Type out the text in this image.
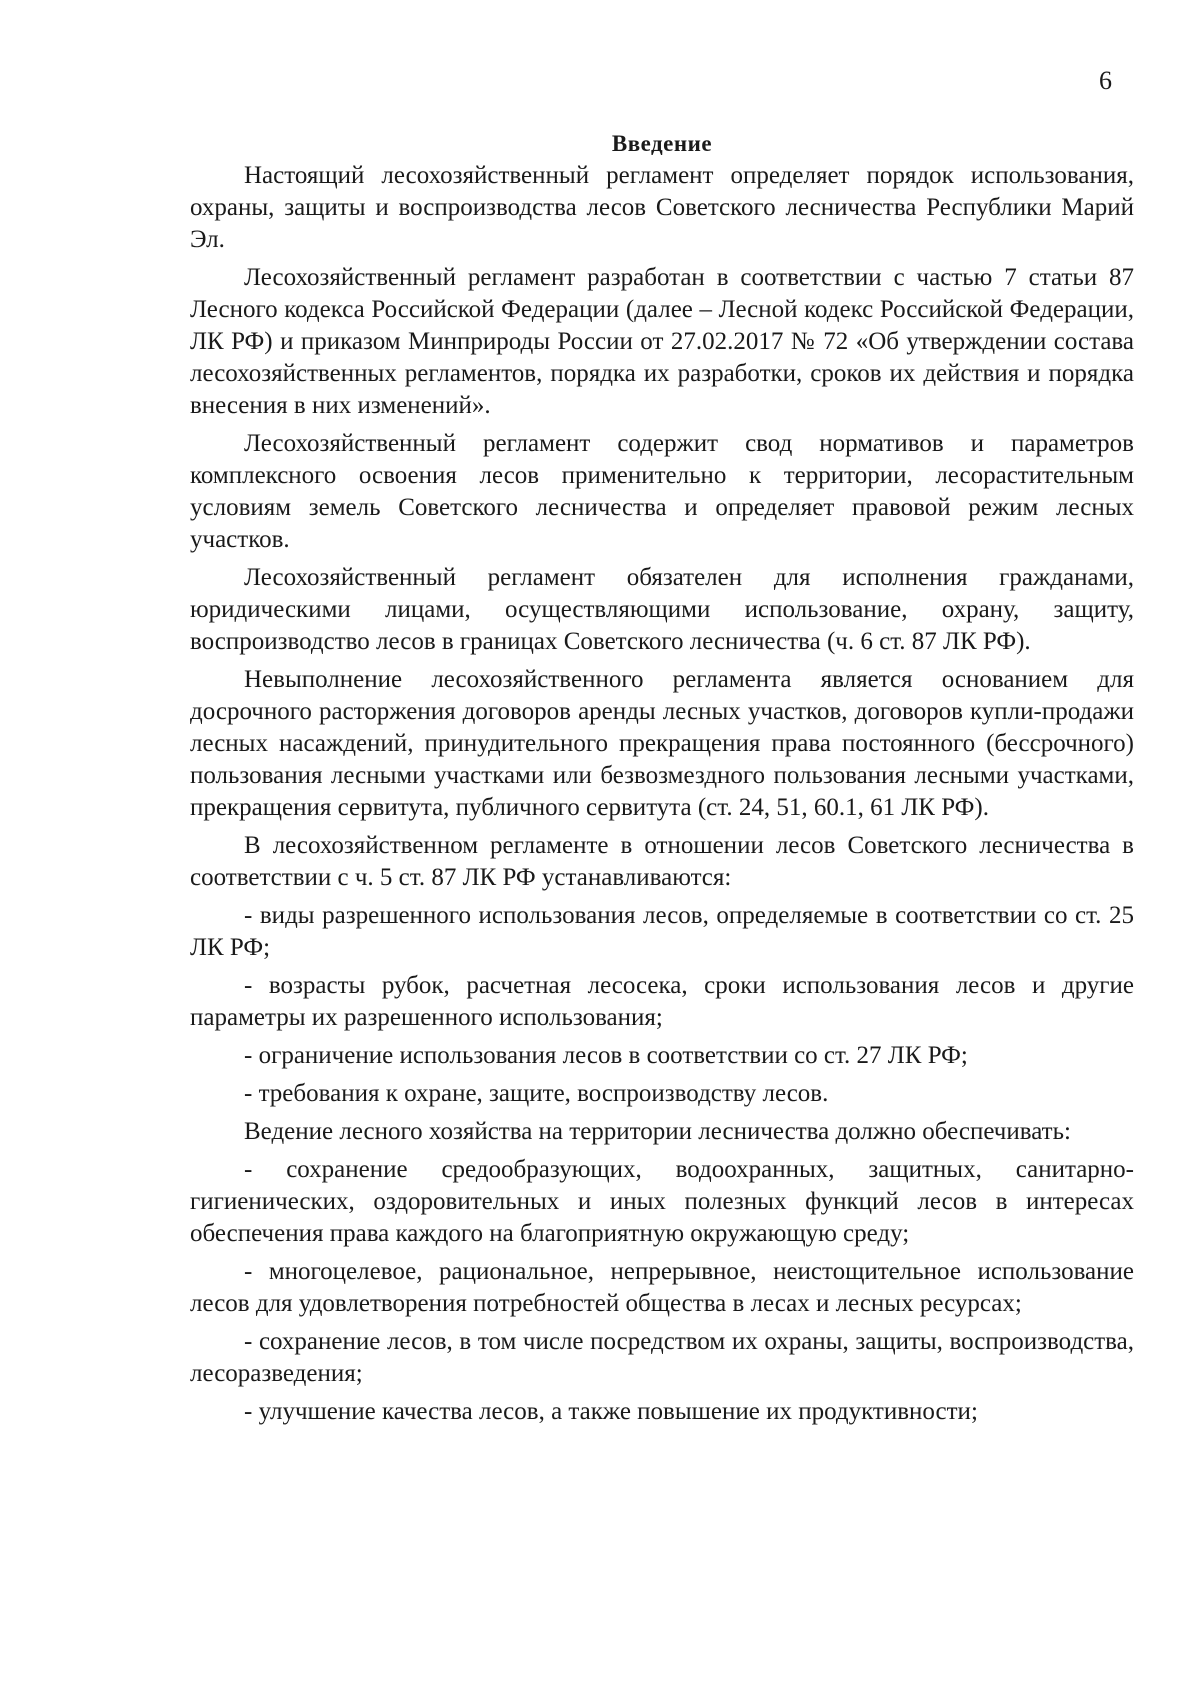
6
Введение

Настоящий лесохозяйственный регламент определяет порядок использования, охраны, защиты и воспроизводства лесов Советского лесничества Республики Марий Эл.

Лесохозяйственный регламент разработан в соответствии с частью 7 статьи 87 Лесного кодекса Российской Федерации (далее – Лесной кодекс Российской Федерации, ЛК РФ) и приказом Минприроды России от 27.02.2017 № 72 «Об утверждении состава лесохозяйственных регламентов, порядка их разработки, сроков их действия и порядка внесения в них изменений».

Лесохозяйственный регламент содержит свод нормативов и параметров комплексного освоения лесов применительно к территории, лесорастительным условиям земель Советского лесничества и определяет правовой режим лесных участков.

Лесохозяйственный регламент обязателен для исполнения гражданами, юридическими лицами, осуществляющими использование, охрану, защиту, воспроизводство лесов в границах Советского лесничества (ч. 6 ст. 87 ЛК РФ).

Невыполнение лесохозяйственного регламента является основанием для досрочного расторжения договоров аренды лесных участков, договоров купли-продажи лесных насаждений, принудительного прекращения права постоянного (бессрочного) пользования лесными участками или безвозмездного пользования лесными участками, прекращения сервитута, публичного сервитута (ст. 24, 51, 60.1, 61 ЛК РФ).

В лесохозяйственном регламенте в отношении лесов Советского лесничества в соответствии с ч. 5 ст. 87 ЛК РФ устанавливаются:

- виды разрешенного использования лесов, определяемые в соответствии со ст. 25 ЛК РФ;

- возрасты рубок, расчетная лесосека, сроки использования лесов и другие параметры их разрешенного использования;

- ограничение использования лесов в соответствии со ст. 27 ЛК РФ;

- требования к охране, защите, воспроизводству лесов.

Ведение лесного хозяйства на территории лесничества должно обеспечивать:

- сохранение средообразующих, водоохранных, защитных, санитарно-гигиенических, оздоровительных и иных полезных функций лесов в интересах обеспечения права каждого на благоприятную окружающую среду;

- многоцелевое, рациональное, непрерывное, неистощительное использование лесов для удовлетворения потребностей общества в лесах и лесных ресурсах;

- сохранение лесов, в том числе посредством их охраны, защиты, воспроизводства, лесоразведения;

- улучшение качества лесов, а также повышение их продуктивности;
